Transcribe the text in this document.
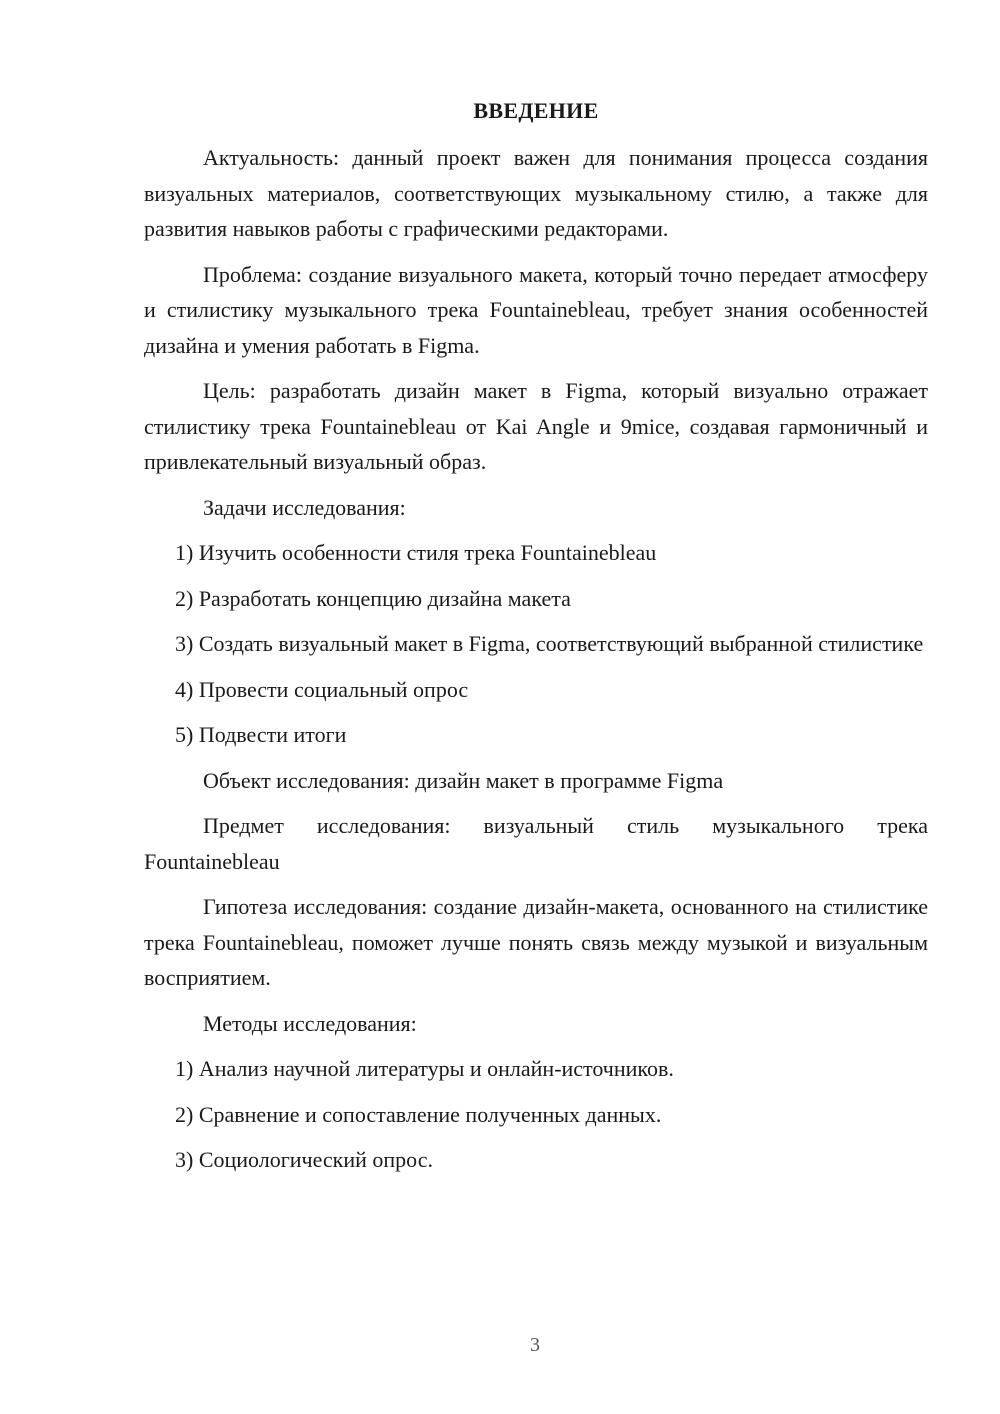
ВВЕДЕНИЕ

Актуальность: данный проект важен для понимания процесса создания визуальных материалов, соответствующих музыкальному стилю, а также для развития навыков работы с графическими редакторами.

Проблема: создание визуального макета, который точно передает атмосферу и стилистику музыкального трека Fountainebleau, требует знания особенностей дизайна и умения работать в Figma.

Цель: разработать дизайн макет в Figma, который визуально отражает стилистику трека Fountainebleau от Kai Angle и 9mice, создавая гармоничный и привлекательный визуальный образ.

Задачи исследования:

1) Изучить особенности стиля трека Fountainebleau

2) Разработать концепцию дизайна макета

3) Создать визуальный макет в Figma, соответствующий выбранной стилистике

4) Провести социальный опрос

5) Подвести итоги

Объект исследования: дизайн макет в программе Figma

Предмет исследования: визуальный стиль музыкального трека Fountainebleau

Гипотеза исследования: создание дизайн-макета, основанного на стилистике трека Fountainebleau, поможет лучше понять связь между музыкой и визуальным восприятием.

Методы исследования:

1) Анализ научной литературы и онлайн-источников.

2) Сравнение и сопоставление полученных данных.

3) Социологический опрос.

3
